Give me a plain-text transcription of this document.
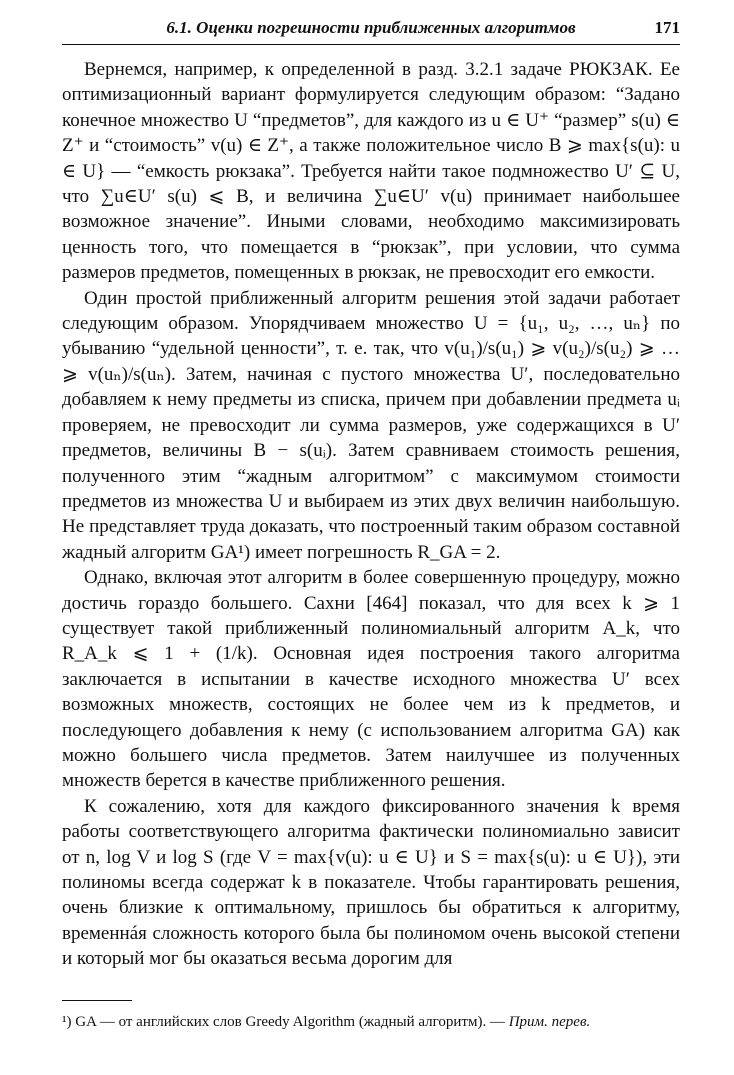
6.1. Оценки погрешности приближенных алгоритмов	171

Вернемся, например, к определенной в разд. 3.2.1 задаче РЮКЗАК. Ее оптимизационный вариант формулируется следующим образом: “Задано конечное множество U “предметов”, для каждого из u ∈ U⁺ “размер” s(u) ∈ Z⁺ и “стоимость” v(u) ∈ Z⁺, а также положительное число B ⩾ max{s(u): u ∈ U} — “емкость рюкзака”. Требуется найти такое подмножество U′ ⊆ U, что ∑u∈U′ s(u) ⩽ B, и величина ∑u∈U′ v(u) принимает наибольшее возможное значение”. Иными словами, необходимо максимизировать ценность того, что помещается в “рюкзак”, при условии, что сумма размеров предметов, помещенных в рюкзак, не превосходит его емкости.

Один простой приближенный алгоритм решения этой задачи работает следующим образом. Упорядчиваем множество U = {u₁, u₂, …, uₙ} по убыванию “удельной ценности”, т. е. так, что v(u₁)/s(u₁) ⩾ v(u₂)/s(u₂) ⩾ … ⩾ v(uₙ)/s(uₙ). Затем, начиная с пустого множества U′, последовательно добавляем к нему предметы из списка, причем при добавлении предмета uᵢ проверяем, не превосходит ли сумма размеров, уже содержащихся в U′ предметов, величины B − s(uᵢ). Затем сравниваем стоимость решения, полученного этим “жадным алгоритмом” с максимумом стоимости предметов из множества U и выбираем из этих двух величин наибольшую. Не представляет труда доказать, что построенный таким образом составной жадный алгоритм GA¹) имеет погрешность R_GA = 2.

Однако, включая этот алгоритм в более совершенную процедуру, можно достичь гораздо большего. Сахни [464] показал, что для всех k ⩾ 1 существует такой приближенный полиномиальный алгоритм A_k, что R_A_k ⩽ 1 + (1/k). Основная идея построения такого алгоритма заключается в испытании в качестве исходного множества U′ всех возможных множеств, состоящих не более чем из k предметов, и последующего добавления к нему (с использованием алгоритма GA) как можно большего числа предметов. Затем наилучшее из полученных множеств берется в качестве приближенного решения.

К сожалению, хотя для каждого фиксированного значения k время работы соответствующего алгоритма фактически полиномиально зависит от n, log V и log S (где V = max{v(u): u ∈ U} и S = max{s(u): u ∈ U}), эти полиномы всегда содержат k в показателе. Чтобы гарантировать решения, очень близкие к оптимальному, пришлось бы обратиться к алгоритму, временнáя сложность которого была бы полиномом очень высокой степени и который мог бы оказаться весьма дорогим для

¹) GA — от английских слов Greedy Algorithm (жадный алгоритм). — Прим. перев.
